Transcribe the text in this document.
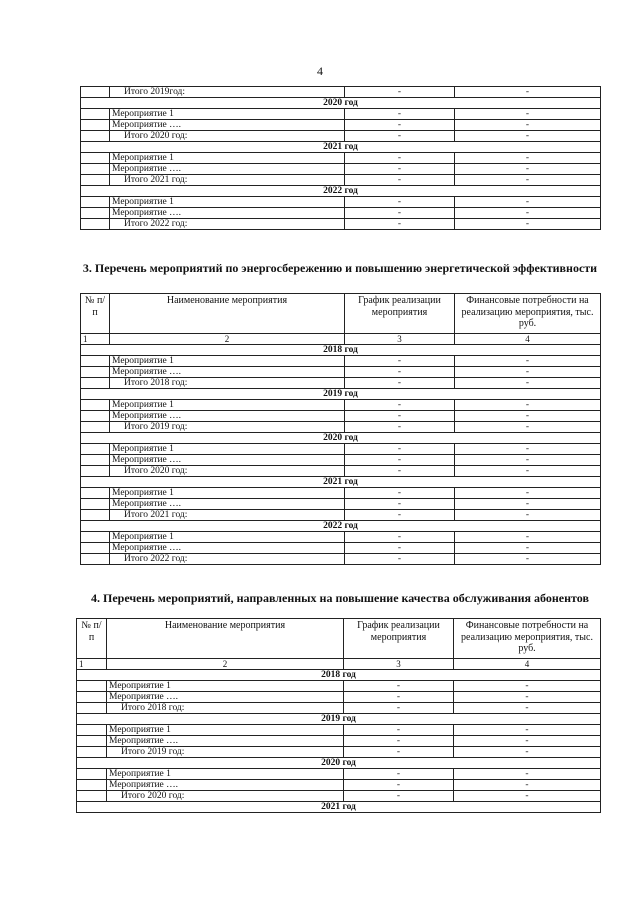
4
	Итого 2019год:	-	-
2020 год			
	Мероприятие 1	-	-
	Мероприятие ….	-	-
	Итого 2020 год:	-	-
2021 год			
	Мероприятие 1	-	-
	Мероприятие ….	-	-
	Итого 2021 год:	-	-
2022 год			
	Мероприятие 1	-	-
	Мероприятие ….	-	-
	Итого 2022 год:	-	-
3. Перечень мероприятий по энергосбережению и повышению энергетической эффективности
№ п/п	Наименование мероприятия	График реализации мероприятия	Финансовые потребности на реализацию мероприятия, тыс. руб.
1	2	3	4
2018 год			
	Мероприятие 1	-	-
	Мероприятие ….	-	-
	Итого 2018 год:	-	-
2019 год			
	Мероприятие 1	-	-
	Мероприятие ….	-	-
	Итого 2019 год:	-	-
2020 год			
	Мероприятие 1	-	-
	Мероприятие ….	-	-
	Итого 2020 год:	-	-
2021 год			
	Мероприятие 1	-	-
	Мероприятие ….	-	-
	Итого 2021 год:	-	-
2022 год			
	Мероприятие 1	-	-
	Мероприятие ….	-	-
	Итого 2022 год:	-	-
4. Перечень мероприятий, направленных на повышение качества обслуживания абонентов
№ п/п	Наименование мероприятия	График реализации мероприятия	Финансовые потребности на реализацию мероприятия, тыс. руб.
1	2	3	4
2018 год			
	Мероприятие 1	-	-
	Мероприятие ….	-	-
	Итого 2018 год:	-	-
2019 год			
	Мероприятие 1	-	-
	Мероприятие ….	-	-
	Итого 2019 год:	-	-
2020 год			
	Мероприятие 1	-	-
	Мероприятие ….	-	-
	Итого 2020 год:	-	-
2021 год			
